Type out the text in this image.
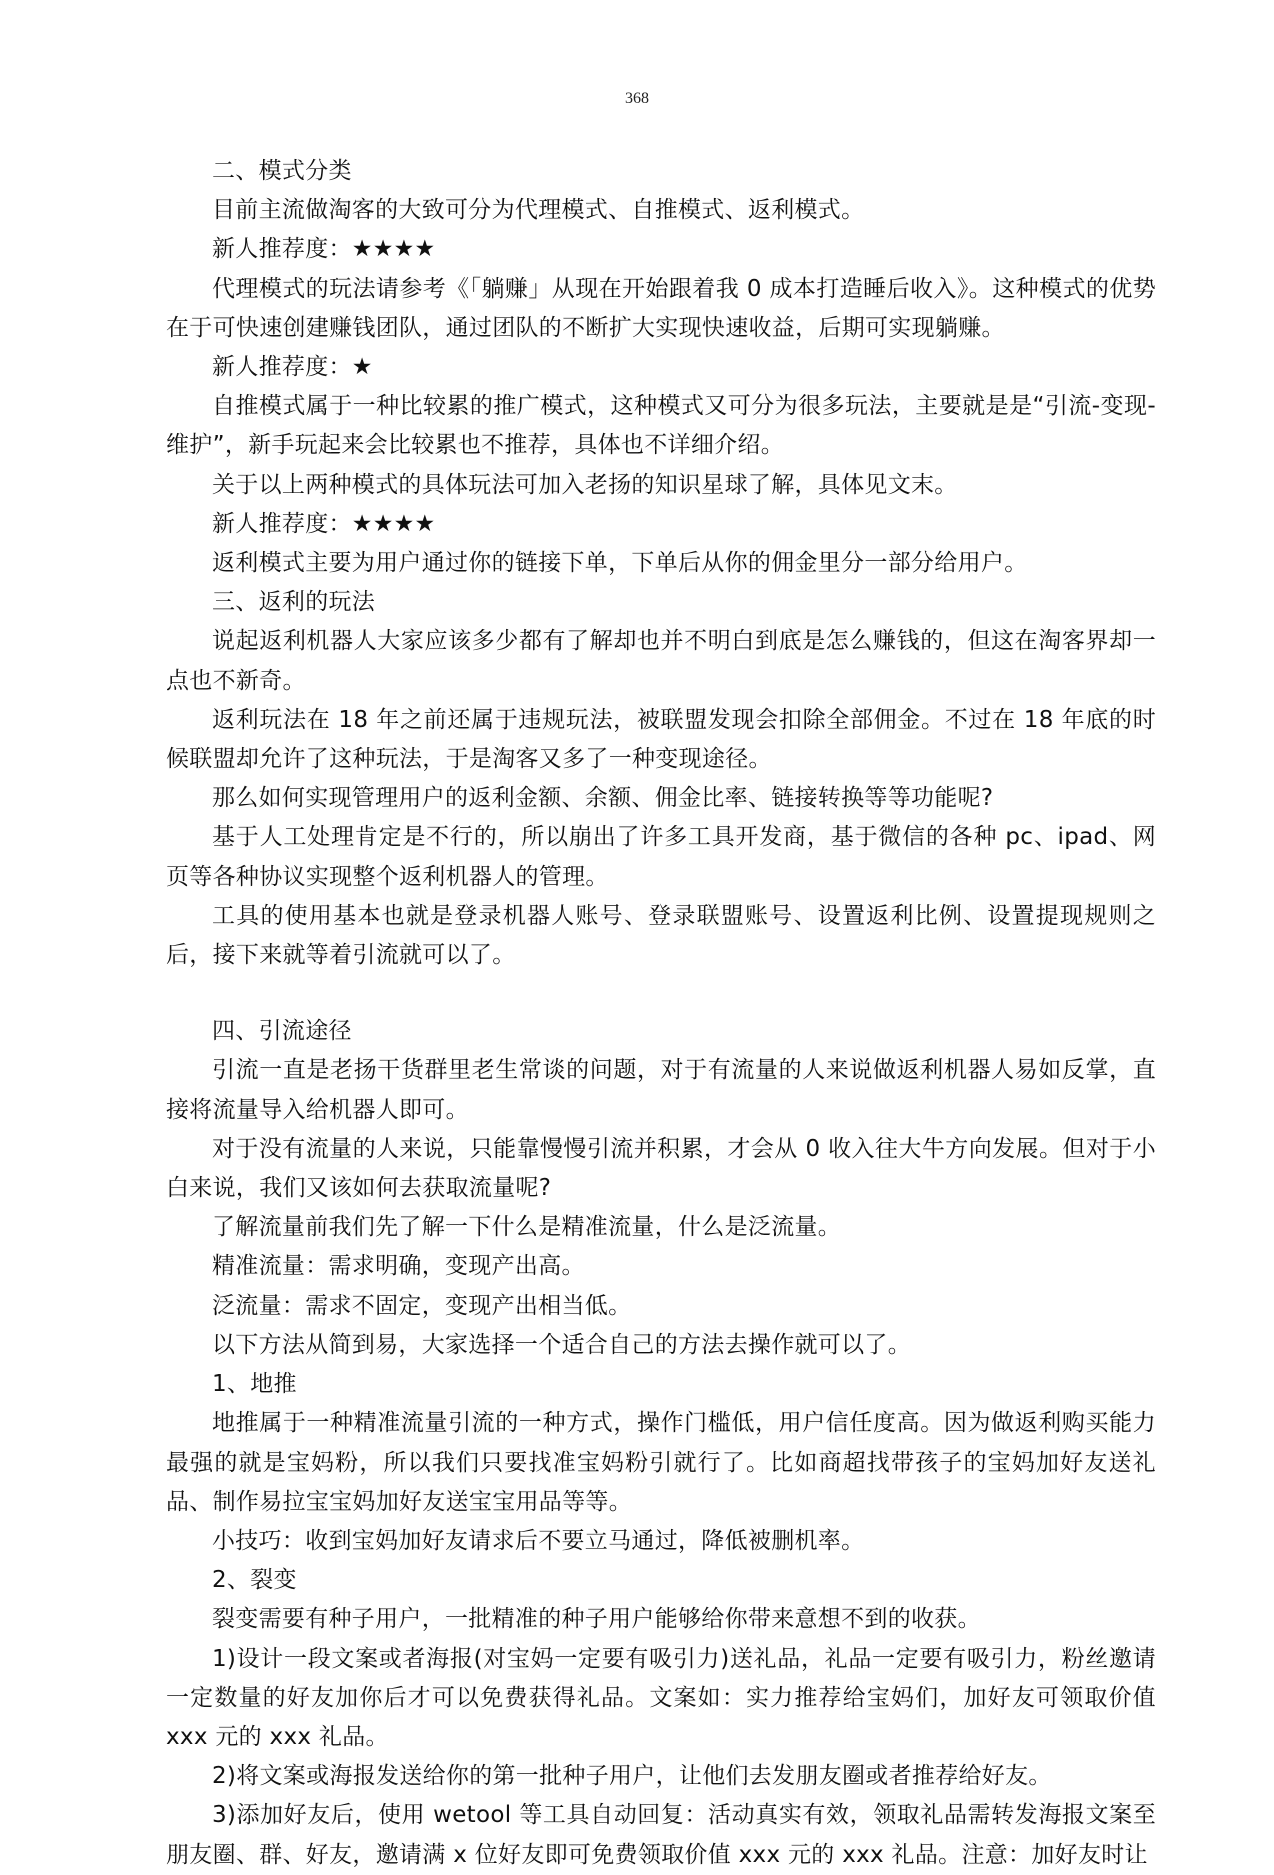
368

二、模式分类

目前主流做淘客的大致可分为代理模式、自推模式、返利模式。

新人推荐度：★★★★

代理模式的玩法请参考《「躺赚」从现在开始跟着我 0 成本打造睡后收入》。这种模式的优势在于可快速创建赚钱团队，通过团队的不断扩大实现快速收益，后期可实现躺赚。

新人推荐度：★

自推模式属于一种比较累的推广模式，这种模式又可分为很多玩法，主要就是是“引流-变现-维护”，新手玩起来会比较累也不推荐，具体也不详细介绍。

关于以上两种模式的具体玩法可加入老扬的知识星球了解，具体见文末。

新人推荐度：★★★★

返利模式主要为用户通过你的链接下单，下单后从你的佣金里分一部分给用户。

三、返利的玩法

说起返利机器人大家应该多少都有了解却也并不明白到底是怎么赚钱的，但这在淘客界却一点也不新奇。

返利玩法在 18 年之前还属于违规玩法，被联盟发现会扣除全部佣金。不过在 18 年底的时候联盟却允许了这种玩法，于是淘客又多了一种变现途径。

那么如何实现管理用户的返利金额、余额、佣金比率、链接转换等等功能呢?

基于人工处理肯定是不行的，所以崩出了许多工具开发商，基于微信的各种 pc、ipad、网页等各种协议实现整个返利机器人的管理。

工具的使用基本也就是登录机器人账号、登录联盟账号、设置返利比例、设置提现规则之后，接下来就等着引流就可以了。

四、引流途径

引流一直是老扬干货群里老生常谈的问题，对于有流量的人来说做返利机器人易如反掌，直接将流量导入给机器人即可。

对于没有流量的人来说，只能靠慢慢引流并积累，才会从 0 收入往大牛方向发展。但对于小白来说，我们又该如何去获取流量呢?

了解流量前我们先了解一下什么是精准流量，什么是泛流量。

精准流量：需求明确，变现产出高。

泛流量：需求不固定，变现产出相当低。

以下方法从简到易，大家选择一个适合自己的方法去操作就可以了。

1、地推

地推属于一种精准流量引流的一种方式，操作门槛低，用户信任度高。因为做返利购买能力最强的就是宝妈粉，所以我们只要找准宝妈粉引就行了。比如商超找带孩子的宝妈加好友送礼品、制作易拉宝宝妈加好友送宝宝用品等等。

小技巧：收到宝妈加好友请求后不要立马通过，降低被删机率。

2、裂变

裂变需要有种子用户，一批精准的种子用户能够给你带来意想不到的收获。

1)设计一段文案或者海报(对宝妈一定要有吸引力)送礼品，礼品一定要有吸引力，粉丝邀请一定数量的好友加你后才可以免费获得礼品。文案如：实力推荐给宝妈们，加好友可领取价值 xxx 元的 xxx 礼品。

2)将文案或海报发送给你的第一批种子用户，让他们去发朋友圈或者推荐给好友。

3)添加好友后，使用 wetool 等工具自动回复：活动真实有效，领取礼品需转发海报文案至朋友圈、群、好友，邀请满 x 位好友即可免费领取价值 xxx 元的 xxx 礼品。注意：加好友时让
